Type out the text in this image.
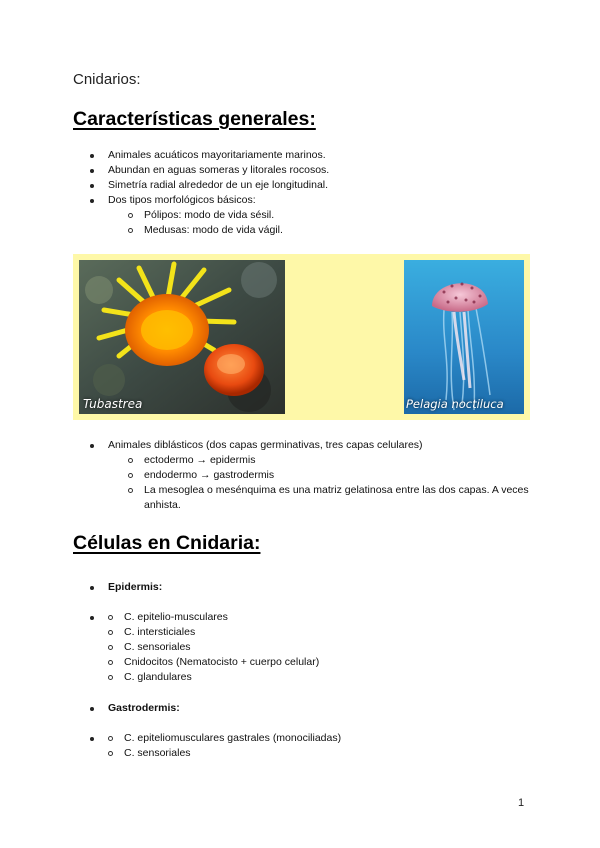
Cnidarios:
Características generales:
Animales acuáticos mayoritariamente marinos.
Abundan en aguas someras y litorales rocosos.
Simetría radial alrededor de un eje longitudinal.
Dos tipos morfológicos básicos:
Pólipos: modo de vida sésil.
Medusas: modo de vida vágil.
Tubastrea	Pelagia noctiluca
Animales diblásticos (dos capas germinativas, tres capas celulares)
ectodermo → epidermis
endodermo → gastrodermis
La mesoglea o mesénquima es una matriz gelatinosa entre las dos capas. A veces anhista.
Células en Cnidaria:
Epidermis:
C. epitelio-musculares
C. intersticiales
C. sensoriales
Cnidocitos (Nematocisto + cuerpo celular)
C. glandulares
Gastrodermis:
C. epiteliomusculares gastrales (monociliadas)
C. sensoriales
1
